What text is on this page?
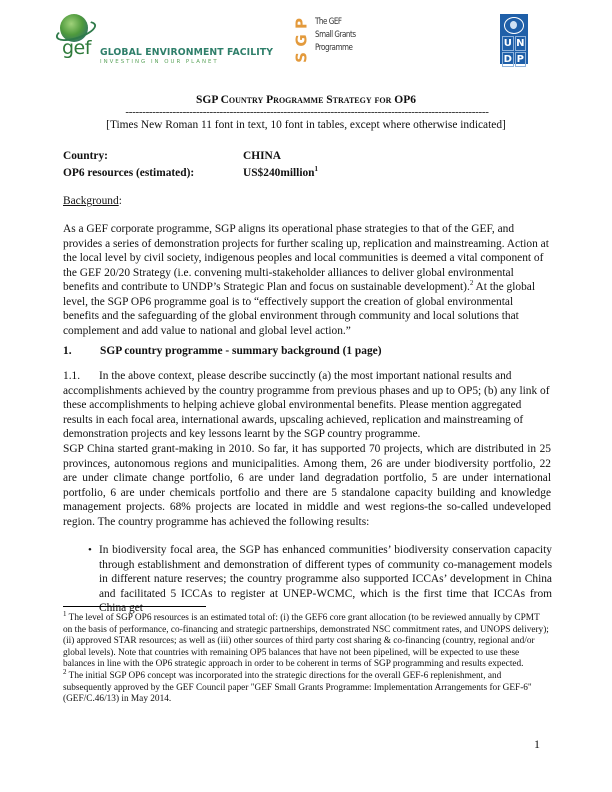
gef GLOBAL ENVIRONMENT FACILITY
INVESTING IN OUR PLANET	S
G
P The GEF
Small Grants
Programme	U N
D P
SGP Country Programme Strategy for OP6
------------------------------------------------------------------------------------------------------------
[Times New Roman 11 font in text, 10 font in tables, except where otherwise indicated]
Country:	CHINA
OP6 resources (estimated):	US$240million$^1$
Background:
As a GEF corporate programme, SGP aligns its operational phase strategies to that of the GEF, and provides a series of demonstration projects for further scaling up, replication and mainstreaming. Action at the local level by civil society, indigenous peoples and local communities is deemed a vital component of the GEF 20/20 Strategy (i.e. convening multi-stakeholder alliances to deliver global environmental benefits and contribute to UNDP’s Strategic Plan and focus on sustainable development).$^2$ At the global level, the SGP OP6 programme goal is to “effectively support the creation of global environmental benefits and the safeguarding of the global environment through community and local solutions that complement and add value to national and global level action.”
1. SGP country programme - summary background (1 page)
1.1. In the above context, please describe succinctly (a) the most important national results and accomplishments achieved by the country programme from previous phases and up to OP5; (b) any link of these accomplishments to helping achieve global environmental benefits. Please mention aggregated results in each focal area, international awards, upscaling achieved, replication and mainstreaming of demonstration projects and key lessons learnt by the SGP country programme.
SGP China started grant-making in 2010. So far, it has supported 70 projects, which are distributed in 25 provinces, autonomous regions and municipalities. Among them, 26 are under biodiversity portfolio, 22 are under climate change portfolio, 6 are under land degradation portfolio, 5 are under international portfolio, 6 are under chemicals portfolio and there are 5 standalone capacity building and knowledge management projects. 68% projects are located in middle and west regions-the so-called undeveloped region. The country programme has achieved the following results:
• In biodiversity focal area, the SGP has enhanced communities’ biodiversity conservation capacity through establishment and demonstration of different types of community co-management models in different nature reserves; the country programme also supported ICCAs’ development in China and facilitated 5 ICCAs to register at UNEP-WCMC, which is the first time that ICCAs from China get

$^1$ The level of SGP OP6 resources is an estimated total of: (i) the GEF6 core grant allocation (to be reviewed annually by CPMT on the basis of performance, co-financing and strategic partnerships, demonstrated NSC commitment rates, and UNOPS delivery); (ii) approved STAR resources; as well as (iii) other sources of third party cost sharing & co-financing (country, regional and/or global levels). Note that countries with remaining OP5 balances that have not been pipelined, will be expected to use these balances in line with the OP6 strategic approach in order to be coherent in terms of SGP programming and results expected.

$^2$ The initial SGP OP6 concept was incorporated into the strategic directions for the overall GEF-6 replenishment, and subsequently approved by the GEF Council paper "GEF Small Grants Programme: Implementation Arrangements for GEF-6" (GEF/C.46/13) in May 2014.

1
